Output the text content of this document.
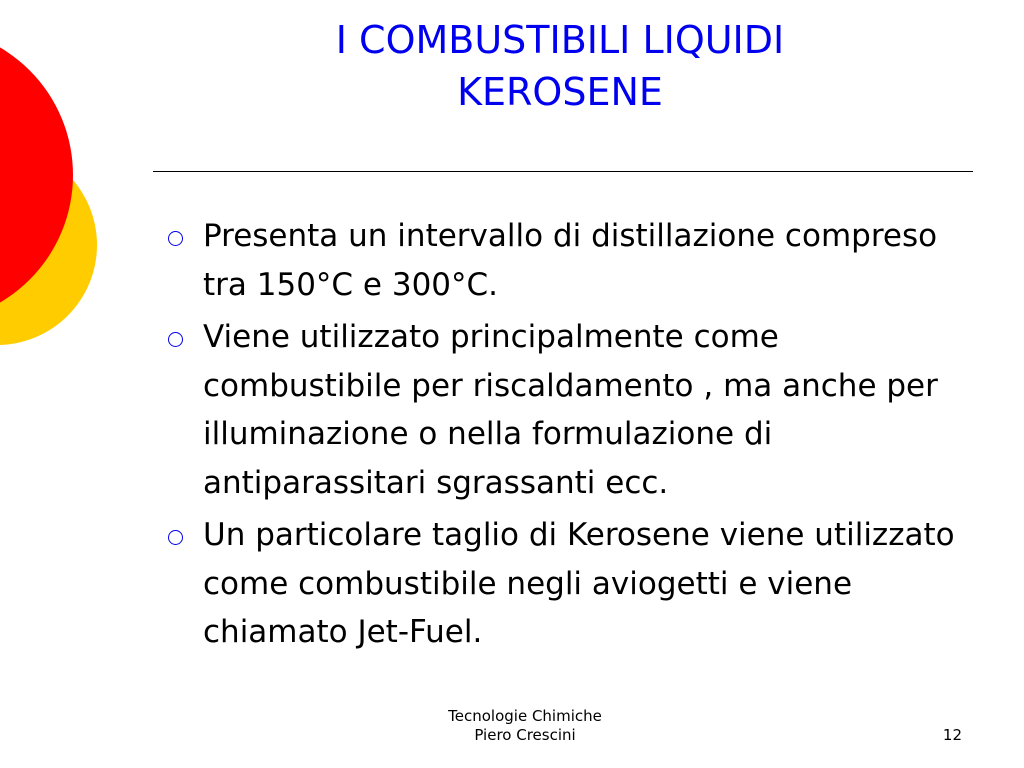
I COMBUSTIBILI LIQUIDI
KEROSENE
Presenta un intervallo di distillazione compreso tra 150°C e 300°C.
Viene utilizzato principalmente come combustibile per riscaldamento , ma anche per illuminazione o nella formulazione di antiparassitari sgrassanti ecc.
Un particolare taglio di Kerosene viene utilizzato come combustibile negli aviogetti e viene chiamato Jet-Fuel.
Tecnologie Chimiche
Piero Crescini	12
